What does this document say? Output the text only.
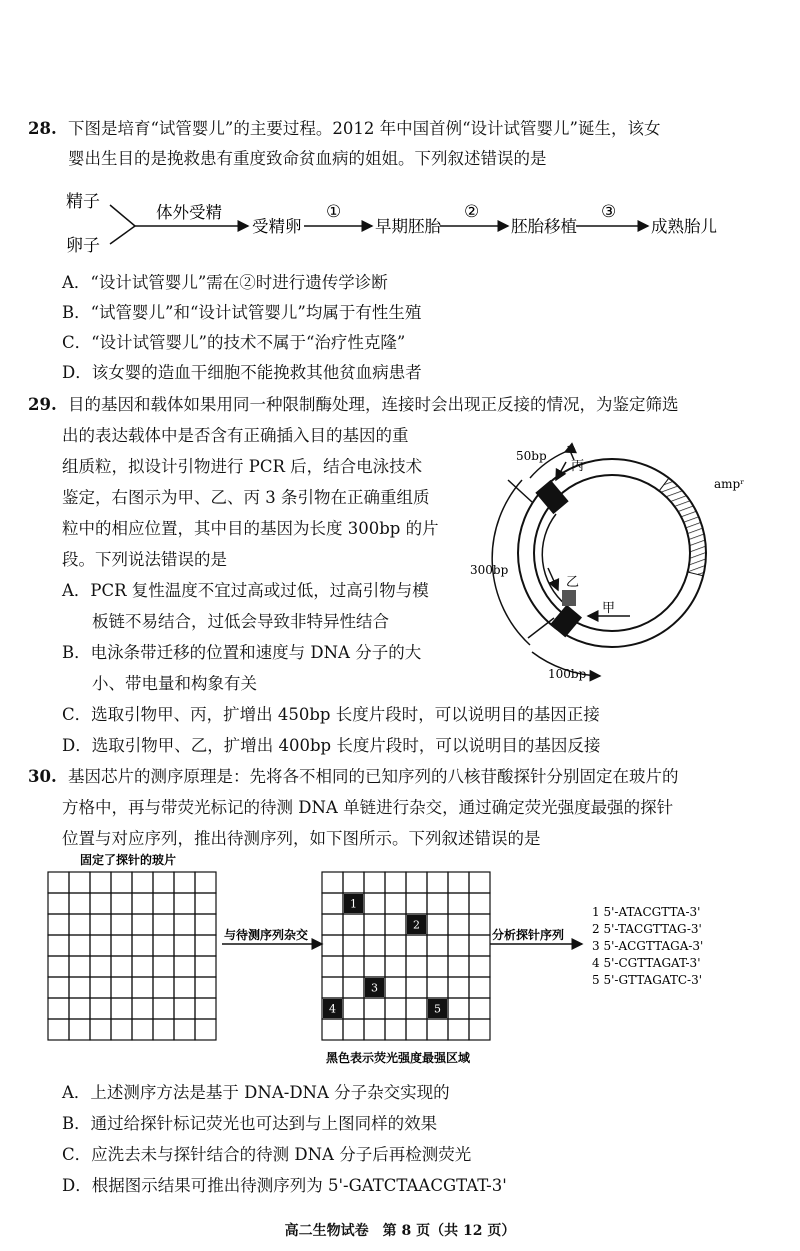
28. 下图是培育“试管婴儿”的主要过程。2012 年中国首例“设计试管婴儿”诞生，该女
婴出生目的是挽救患有重度致命贫血病的姐姐。下列叙述错误的是
精子
卵子
体外受精
受精卵
①
早期胚胎
②
胚胎移植
③
成熟胎儿
A．“设计试管婴儿”需在②时进行遗传学诊断
B．“试管婴儿”和“设计试管婴儿”均属于有性生殖
C．“设计试管婴儿”的技术不属于“治疗性克隆”
D．该女婴的造血干细胞不能挽救其他贫血病患者
29. 目的基因和载体如果用同一种限制酶处理，连接时会出现正反接的情况，为鉴定筛选
出的表达载体中是否含有正确插入目的基因的重
组质粒，拟设计引物进行 PCR 后，结合电泳技术
鉴定，右图示为甲、乙、丙 3 条引物在正确重组质
粒中的相应位置，其中目的基因为长度 300bp 的片
段。下列说法错误的是
A．PCR 复性温度不宜过高或过低，过高引物与模
板链不易结合，过低会导致非特异性结合
B．电泳条带迁移的位置和速度与 DNA 分子的大
小、带电量和构象有关
C．选取引物甲、丙，扩增出 450bp 长度片段时，可以说明目的基因正接
D．选取引物甲、乙，扩增出 400bp 长度片段时，可以说明目的基因反接
50bp
丙
ampʳ
300bp
乙
甲
100bp
30. 基因芯片的测序原理是：先将各不相同的已知序列的八核苷酸探针分别固定在玻片的
方格中，再与带荧光标记的待测 DNA 单链进行杂交，通过确定荧光强度最强的探针
位置与对应序列，推出待测序列，如下图所示。下列叙述错误的是
固定了探针的玻片
1
2
3
4	5
与待测序列杂交	分析探针序列
1 5'-ATACGTTA-3'
2 5'-TACGTTAG-3'
3 5'-ACGTTAGA-3'
4 5'-CGTTAGAT-3'
5 5'-GTTAGATC-3'
黑色表示荧光强度最强区域
A．上述测序方法是基于 DNA-DNA 分子杂交实现的
B．通过给探针标记荧光也可达到与上图同样的效果
C．应洗去未与探针结合的待测 DNA 分子后再检测荧光
D．根据图示结果可推出待测序列为 5'-GATCTAACGTAT-3'
高二生物试卷　第 8 页（共 12 页）
